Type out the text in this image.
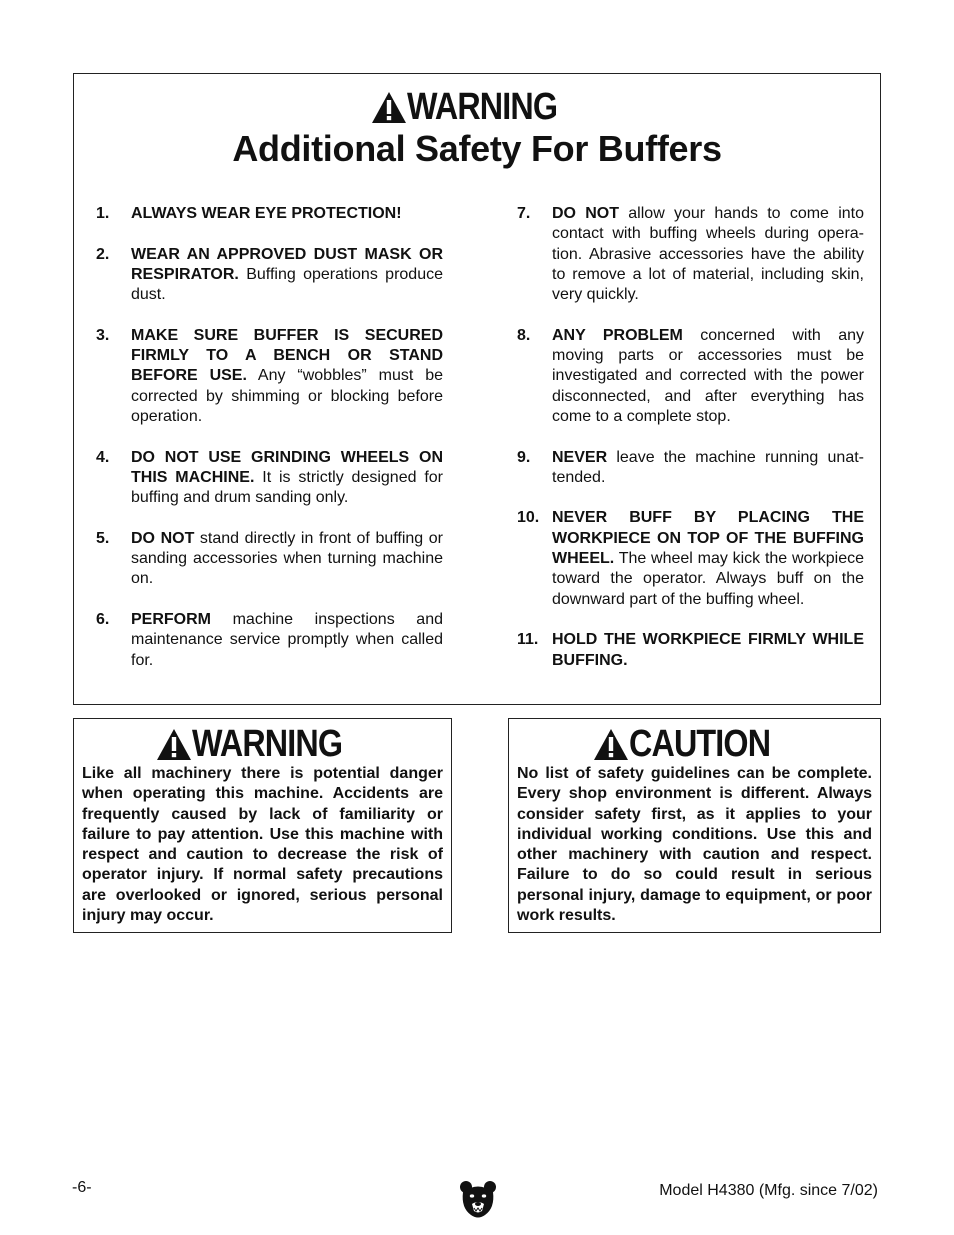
WARNING
Additional Safety For Buffers
1.	ALWAYS WEAR EYE PROTECTION!
2.	WEAR AN APPROVED DUST MASK OR RESPIRATOR. Buffing operations produce dust.
3.	MAKE SURE BUFFER IS SECURED FIRMLY TO A BENCH OR STAND BEFORE USE. Any “wobbles” must be corrected by shimming or blocking before operation.
4.	DO NOT USE GRINDING WHEELS ON THIS MACHINE. It is strictly designed for buffing and drum sanding only.
5.	DO NOT stand directly in front of buffing or sanding accessories when turning machine on.
6.	PERFORM machine inspections and maintenance service promptly when called for.
7.	DO NOT allow your hands to come into contact with buffing wheels during operation. Abrasive accessories have the ability to remove a lot of material, including skin, very quickly.
8.	ANY PROBLEM concerned with any moving parts or accessories must be investigated and corrected with the power disconnected, and after everything has come to a complete stop.
9.	NEVER leave the machine running unattended.
10. NEVER BUFF BY PLACING THE WORKPIECE ON TOP OF THE BUFFING WHEEL. The wheel may kick the workpiece toward the operator. Always buff on the downward part of the buffing wheel.
11. HOLD THE WORKPIECE FIRMLY WHILE BUFFING.
WARNING
Like all machinery there is potential danger when operating this machine. Accidents are frequently caused by lack of familiarity or failure to pay attention. Use this machine with respect and caution to decrease the risk of operator injury. If normal safety precautions are overlooked or ignored, serious personal injury may occur.
CAUTION
No list of safety guidelines can be complete. Every shop environment is different. Always consider safety first, as it applies to your individual working conditions. Use this and other machinery with caution and respect. Failure to do so could result in serious personal injury, damage to equipment, or poor work results.
-6-	Model H4380 (Mfg. since 7/02)
